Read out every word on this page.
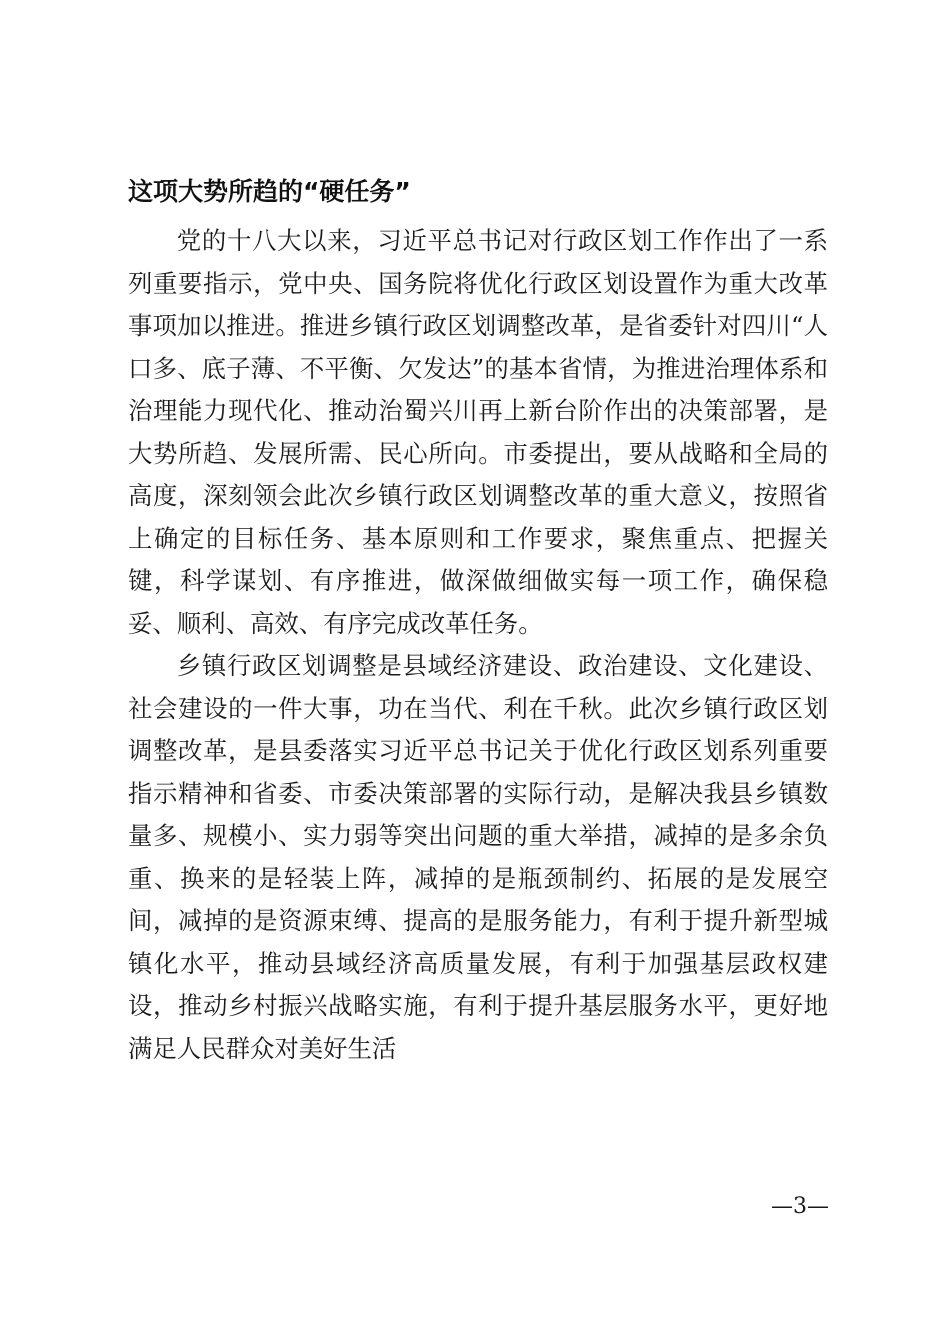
这项大势所趋的“硬任务”

党的十八大以来，习近平总书记对行政区划工作作出了一系列重要指示，党中央、国务院将优化行政区划设置作为重大改革事项加以推进。推进乡镇行政区划调整改革，是省委针对四川“人口多、底子薄、不平衡、欠发达”的基本省情，为推进治理体系和治理能力现代化、推动治蜀兴川再上新台阶作出的决策部署，是大势所趋、发展所需、民心所向。市委提出，要从战略和全局的高度，深刻领会此次乡镇行政区划调整改革的重大意义，按照省上确定的目标任务、基本原则和工作要求，聚焦重点、把握关键，科学谋划、有序推进，做深做细做实每一项工作，确保稳妥、顺利、高效、有序完成改革任务。

乡镇行政区划调整是县域经济建设、政治建设、文化建设、社会建设的一件大事，功在当代、利在千秋。此次乡镇行政区划调整改革，是县委落实习近平总书记关于优化行政区划系列重要指示精神和省委、市委决策部署的实际行动，是解决我县乡镇数量多、规模小、实力弱等突出问题的重大举措，减掉的是多余负重、换来的是轻装上阵，减掉的是瓶颈制约、拓展的是发展空间，减掉的是资源束缚、提高的是服务能力，有利于提升新型城镇化水平，推动县域经济高质量发展，有利于加强基层政权建设，推动乡村振兴战略实施，有利于提升基层服务水平，更好地满足人民群众对美好生活

—3—
